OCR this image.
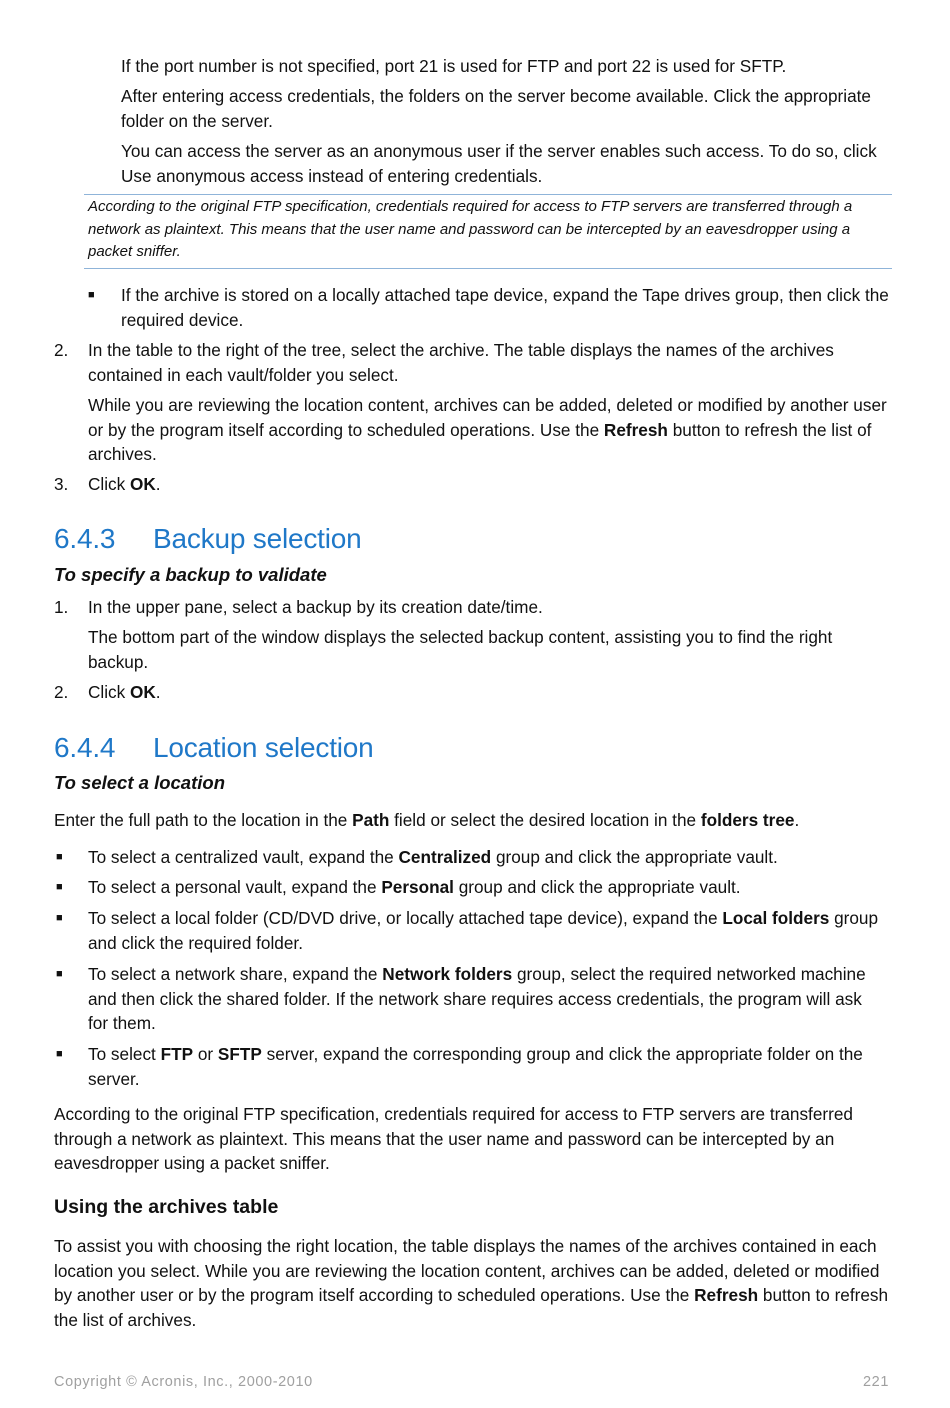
If the port number is not specified, port 21 is used for FTP and port 22 is used for SFTP.
After entering access credentials, the folders on the server become available. Click the appropriate folder on the server.
You can access the server as an anonymous user if the server enables such access. To do so, click Use anonymous access instead of entering credentials.
According to the original FTP specification, credentials required for access to FTP servers are transferred through a network as plaintext. This means that the user name and password can be intercepted by an eavesdropper using a packet sniffer.
■ If the archive is stored on a locally attached tape device, expand the Tape drives group, then click the required device.
2. In the table to the right of the tree, select the archive. The table displays the names of the archives contained in each vault/folder you select.
While you are reviewing the location content, archives can be added, deleted or modified by another user or by the program itself according to scheduled operations. Use the Refresh button to refresh the list of archives.
3. Click OK.
6.4.3 Backup selection
To specify a backup to validate
1. In the upper pane, select a backup by its creation date/time.
The bottom part of the window displays the selected backup content, assisting you to find the right backup.
2. Click OK.
6.4.4 Location selection
To select a location
Enter the full path to the location in the Path field or select the desired location in the folders tree.
■ To select a centralized vault, expand the Centralized group and click the appropriate vault.
■ To select a personal vault, expand the Personal group and click the appropriate vault.
■ To select a local folder (CD/DVD drive, or locally attached tape device), expand the Local folders group and click the required folder.
■ To select a network share, expand the Network folders group, select the required networked machine and then click the shared folder. If the network share requires access credentials, the program will ask for them.
■ To select FTP or SFTP server, expand the corresponding group and click the appropriate folder on the server.
According to the original FTP specification, credentials required for access to FTP servers are transferred through a network as plaintext. This means that the user name and password can be intercepted by an eavesdropper using a packet sniffer.
Using the archives table
To assist you with choosing the right location, the table displays the names of the archives contained in each location you select. While you are reviewing the location content, archives can be added, deleted or modified by another user or by the program itself according to scheduled operations. Use the Refresh button to refresh the list of archives.
Copyright © Acronis, Inc., 2000-2010	221
